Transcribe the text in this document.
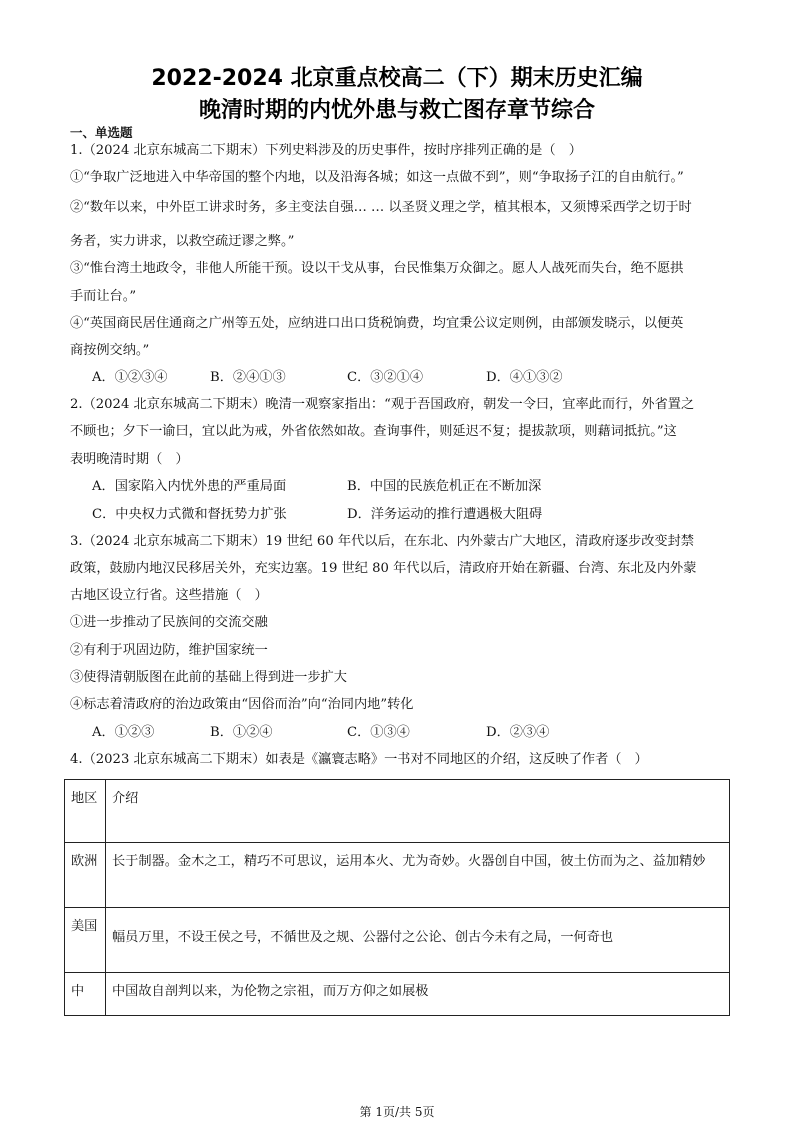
2022-2024 北京重点校高二（下）期末历史汇编
晚清时期的内忧外患与救亡图存章节综合
一、单选题
1.（2024 北京东城高二下期末）下列史料涉及的历史事件，按时序排列正确的是（　）
①“争取广泛地进入中华帝国的整个内地，以及沿海各城；如这一点做不到”，则“争取扬子江的自由航行。”
②“数年以来，中外臣工讲求时务，多主变法自强… … 以圣贤义理之学，植其根本，又须博采西学之切于时
务者，实力讲求，以救空疏迂谬之弊。”
③“惟台湾土地政令，非他人所能干预。设以干戈从事，台民惟集万众御之。愿人人战死而失台，绝不愿拱
手而让台。”
④“英国商民居住通商之广州等五处，应纳进口出口货税饷费，均宜秉公议定则例，由部颁发晓示，以便英
商按例交纳。”
A．①②③④	B．②④①③	C．③②①④	D．④①③②
2.（2024 北京东城高二下期末）晚清一观察家指出：“观于吾国政府，朝发一令曰，宜率此而行，外省置之
不顾也；夕下一谕曰，宜以此为戒，外省依然如故。查询事件，则延迟不复；提拔款项，则藉词抵抗。”这
表明晚清时期（　）
A．国家陷入内忧外患的严重局面	B．中国的民族危机正在不断加深
C．中央权力式微和督抚势力扩张	D．洋务运动的推行遭遇极大阻碍
3.（2024 北京东城高二下期末）19 世纪 60 年代以后，在东北、内外蒙古广大地区，清政府逐步改变封禁
政策，鼓励内地汉民移居关外，充实边塞。19 世纪 80 年代以后，清政府开始在新疆、台湾、东北及内外蒙
古地区设立行省。这些措施（　）
①进一步推动了民族间的交流交融
②有利于巩固边防，维护国家统一
③使得清朝版图在此前的基础上得到进一步扩大
④标志着清政府的治边政策由“因俗而治”向“治同内地”转化
A．①②③	B．①②④	C．①③④	D．②③④
4.（2023 北京东城高二下期末）如表是《瀛寰志略》一书对不同地区的介绍，这反映了作者（　）
地区	介绍
欧洲	长于制器。金木之工，精巧不可思议，运用本火、尤为奇妙。火器创自中国，彼土仿而为之、益加精妙
美国	幅员万里，不设王侯之号，不循世及之规、公器付之公论、创古今未有之局，一何奇也
中	中国故自剖判以来，为伦物之宗祖，而万方仰之如展极
第 1页/共 5页
